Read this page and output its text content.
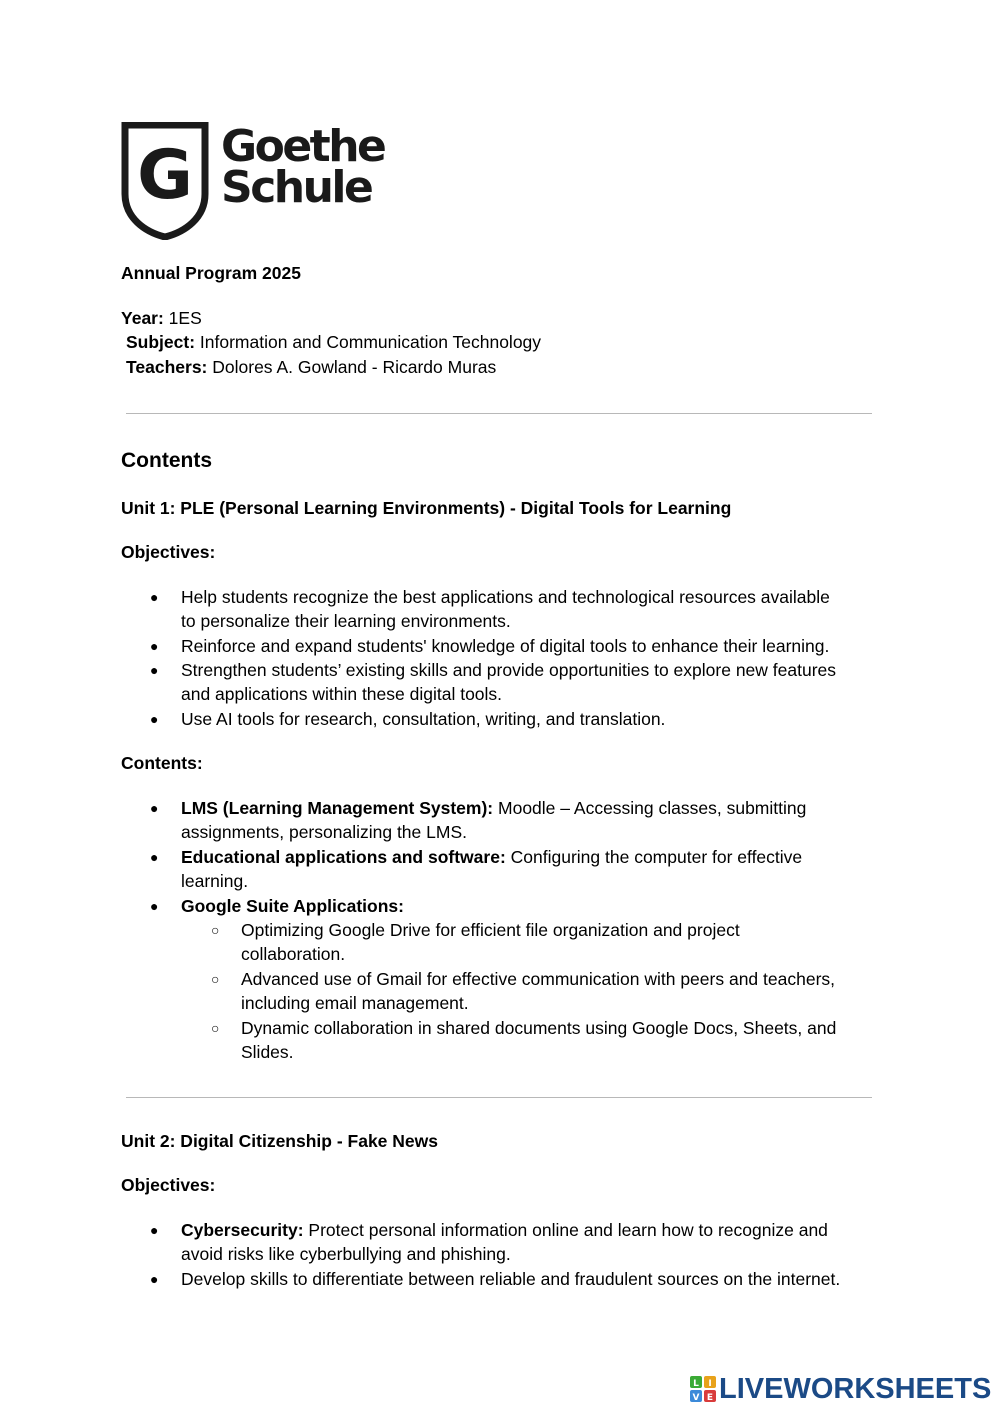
G Goethe
Schule
Annual Program 2025
Year: 1ES
Subject: Information and Communication Technology
Teachers: Dolores A. Gowland - Ricardo Muras
Contents
Unit 1: PLE (Personal Learning Environments) - Digital Tools for Learning
Objectives:
● Help students recognize the best applications and technological resources available
to personalize their learning environments.
● Reinforce and expand students' knowledge of digital tools to enhance their learning.
● Strengthen students’ existing skills and provide opportunities to explore new features
and applications within these digital tools.
● Use AI tools for research, consultation, writing, and translation.
Contents:
● LMS (Learning Management System): Moodle – Accessing classes, submitting
assignments, personalizing the LMS.
● Educational applications and software: Configuring the computer for effective
learning.
● Google Suite Applications:
○ Optimizing Google Drive for efficient file organization and project
collaboration.
○ Advanced use of Gmail for effective communication with peers and teachers,
including email management.
○ Dynamic collaboration in shared documents using Google Docs, Sheets, and
Slides.
Unit 2: Digital Citizenship - Fake News
Objectives:
● Cybersecurity: Protect personal information online and learn how to recognize and
avoid risks like cyberbullying and phishing.
● Develop skills to differentiate between reliable and fraudulent sources on the internet.
L I
V E LIVEWORKSHEETS
